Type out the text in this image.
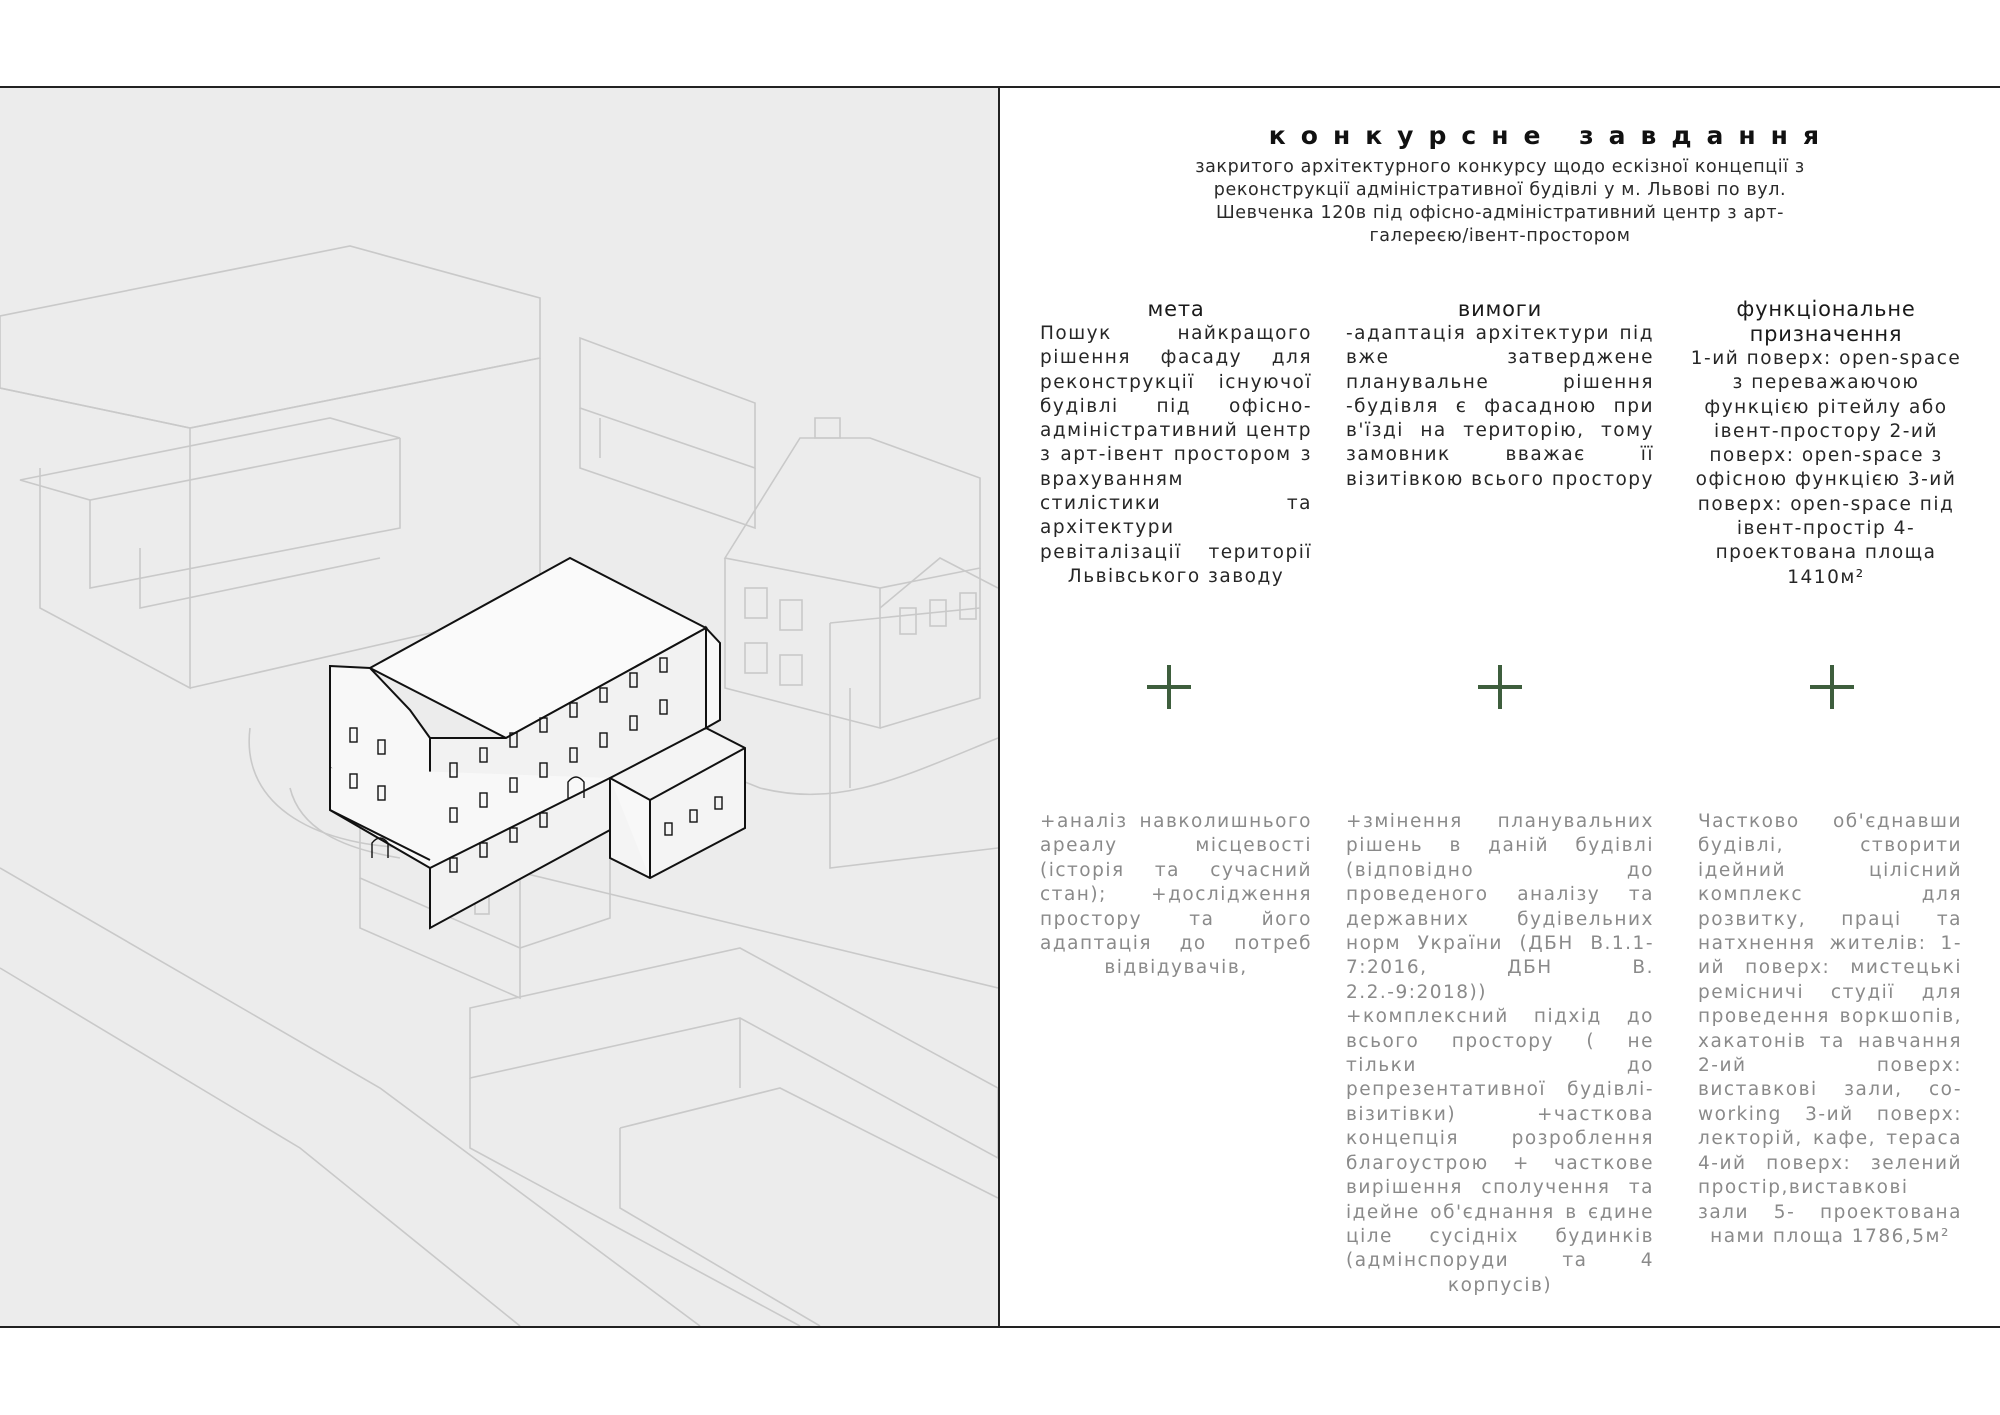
конкурсне завдання
закритого архітектурного конкурсу щодо ескізної концепції з реконструкції адміністративної будівлі у м. Львові по вул. Шевченка 120в під офісно-адміністративний центр з арт-галереєю/івент-простором
мета
Пошук найкращого рішення фасаду для реконструкції існуючої будівлі під офісно-адміністративний центр з арт-івент простором з врахуванням стилістики та архітектури ревіталізації території Львівського заводу
вимоги
-адаптація архітектури під вже затверджене планувальне рішення -будівля є фасадною при в'їзді на територію, тому замовник вважає її візитівкою всього простору
функціональне призначення
1-ий поверх: open-space з переважаючою функцією рітейлу або івент-простору 2-ий поверх: open-space з офісною функцією 3-ий поверх: open-space під івент-простір 4-проектована площа 1410м²
+аналіз навколишнього ареалу місцевості (історія та сучасний стан); +дослідження простору та його адаптація до потреб відвідувачів,
+змінення планувальних рішень в даній будівлі (відповідно до проведеного аналізу та державних будівельних норм України (ДБН В.1.1-7:2016, ДБН В. 2.2.-9:2018)) +комплексний підхід до всього простору ( не тільки до репрезентативної будівлі-візитівки) +часткова концепція розроблення благоустрою + часткове вирішення сполучення та ідейне об'єднання в єдине ціле сусідніх будинків (адмінспоруди та 4 корпусів)
Частково об'єднавши будівлі, створити ідейний цілісний комплекс для розвитку, праці та натхнення жителів: 1-ий поверх: мистецькі ремісничі студії для проведення воркшопів, хакатонів та навчання 2-ий поверх: виставкові зали, co-working 3-ий поверх: лекторій, кафе, тераса 4-ий поверх: зелений простір,виставкові зали 5- проектована нами площа 1786,5м²
